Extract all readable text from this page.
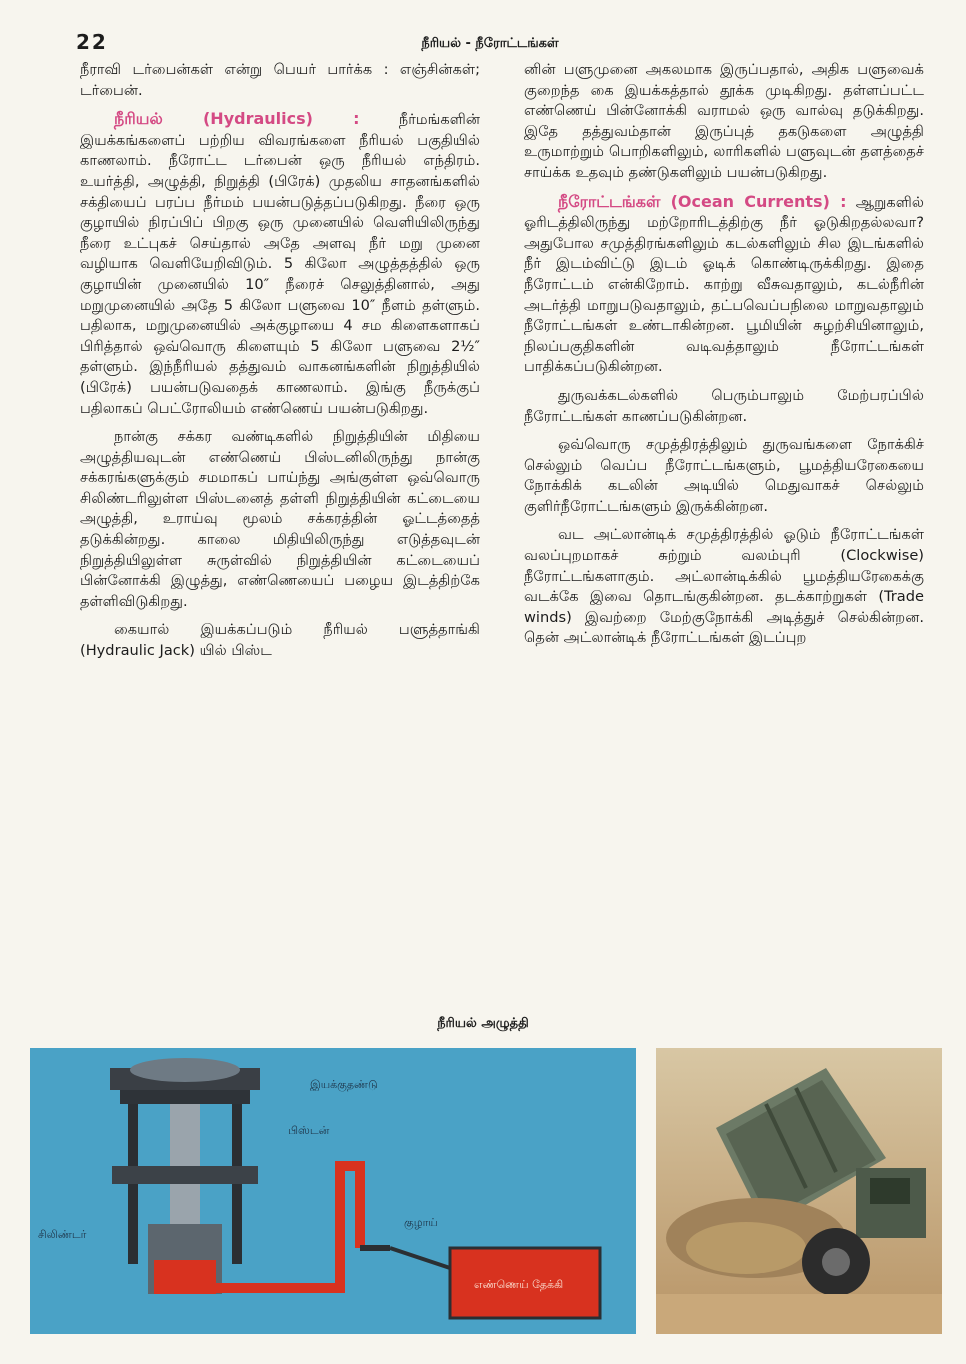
22	நீரியல் - நீரோட்டங்கள்

நீராவி டர்பைன்கள் என்று பெயர் பார்க்க : எஞ்சின்கள்; டர்பைன்.

நீரியல் (Hydraulics) :	நீர்மங்களின் இயக்கங்களைப் பற்றிய விவரங்களை நீரியல் பகுதியில் காணலாம். நீரோட்ட டர்பைன் ஒரு நீரியல் எந்திரம். உயர்த்தி, அழுத்தி, நிறுத்தி (பிரேக்) முதலிய சாதனங்களில் சக்தியைப் பரப்ப நீர்மம் பயன்படுத்தப்படுகிறது. நீரை ஒரு குழாயில் நிரப்பிப் பிறகு ஒரு முனையில் வெளியிலிருந்து நீரை உட்புகச் செய்தால் அதே அளவு நீர் மறு முனை வழியாக வெளியேறிவிடும். 5 கிலோ அழுத்தத்தில் ஒரு குழாயின் முனையில் 10″ நீரைச் செலுத்தினால், அது மறுமுனையில் அதே 5 கிலோ பளுவை 10″ நீளம் தள்ளும். பதிலாக, மறுமுனையில் அக்குழாயை 4 சம கிளைகளாகப் பிரித்தால் ஒவ்வொரு கிளையும் 5 கிலோ பளுவை 2½″ தள்ளும். இந்நீரியல் தத்துவம் வாகனங்களின் நிறுத்தியில் (பிரேக்) பயன்படுவதைக் காணலாம். இங்கு நீருக்குப் பதிலாகப் பெட்ரோலியம் எண்ணெய் பயன்படுகிறது.

நான்கு சக்கர வண்டிகளில் நிறுத்தியின் மிதியை அழுத்தியவுடன் எண்ணெய் பிஸ்டனிலிருந்து நான்கு சக்கரங்களுக்கும் சமமாகப் பாய்ந்து அங்குள்ள ஒவ்வொரு சிலிண்டரிலுள்ள பிஸ்டனைத் தள்ளி நிறுத்தியின் கட்டையை அழுத்தி, உராய்வு மூலம் சக்கரத்தின் ஓட்டத்தைத் தடுக்கின்றது. காலை மிதியிலிருந்து எடுத்தவுடன் நிறுத்தியிலுள்ள சுருள்வில் நிறுத்தியின் கட்டையைப் பின்னோக்கி இழுத்து, எண்ணெயைப் பழைய இடத்திற்கே தள்ளிவிடுகிறது.

கையால் இயக்கப்படும் நீரியல் பளுத்தாங்கி (Hydraulic Jack) யில் பிஸ்ட

னின் பளுமுனை அகலமாக இருப்பதால், அதிக பளுவைக் குறைந்த கை இயக்கத்தால் தூக்க முடிகிறது. தள்ளப்பட்ட எண்ணெய் பின்னோக்கி வராமல் ஒரு வால்வு தடுக்கிறது. இதே தத்துவம்தான் இருப்புத் தகடுகளை அழுத்தி உருமாற்றும் பொறிகளிலும், லாரிகளில் பளுவுடன் தளத்தைச் சாய்க்க உதவும் தண்டுகளிலும் பயன்படுகிறது.

நீரோட்டங்கள் (Ocean Currents) : ஆறுகளில் ஓரிடத்திலிருந்து மற்றோரிடத்திற்கு நீர் ஓடுகிறதல்லவா? அதுபோல சமுத்திரங்களிலும் கடல்களிலும் சில இடங்களில் நீர் இடம்விட்டு இடம் ஓடிக் கொண்டிருக்கிறது. இதை நீரோட்டம் என்கிறோம். காற்று வீசுவதாலும், கடல்நீரின் அடர்த்தி மாறுபடுவதாலும், தட்பவெப்பநிலை மாறுவதாலும் நீரோட்டங்கள் உண்டாகின்றன. பூமியின் சுழற்சியினாலும், நிலப்பகுதிகளின் வடிவத்தாலும் நீரோட்டங்கள் பாதிக்கப்படுகின்றன.

துருவக்கடல்களில் பெரும்பாலும் மேற்பரப்பில் நீரோட்டங்கள் காணப்படுகின்றன.

ஒவ்வொரு சமுத்திரத்திலும் துருவங்களை நோக்கிச் செல்லும் வெப்ப நீரோட்டங்களும், பூமத்தியரேகையை நோக்கிக் கடலின் அடியில் மெதுவாகச் செல்லும் குளிர்நீரோட்டங்களும் இருக்கின்றன.

வட அட்லான்டிக் சமுத்திரத்தில் ஓடும் நீரோட்டங்கள் வலப்புறமாகச் சுற்றும் வலம்புரி (Clockwise) நீரோட்டங்களாகும். அட்லான்டிக்கில் பூமத்தியரேகைக்கு வடக்கே இவை தொடங்குகின்றன. தடக்காற்றுகள் (Trade winds) இவற்றை மேற்குநோக்கி அடித்துச் செல்கின்றன. தென் அட்லான்டிக் நீரோட்டங்கள் இடப்புற

நீரியல் அழுத்தி
இயக்குதண்டு
பிஸ்டன்
குழாய்
சிலிண்டர்
எண்ணெய் தேக்கி
